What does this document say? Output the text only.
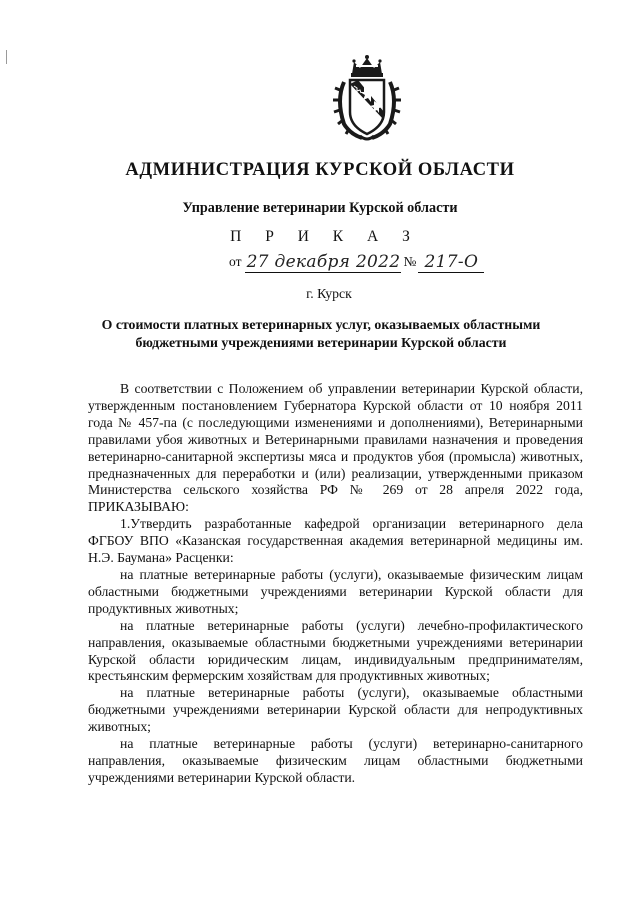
АДМИНИСТРАЦИЯ КУРСКОЙ ОБЛАСТИ
Управление ветеринарии Курской области
П Р И К А З
от 27 декабря 2022 № 217-О
г. Курск
О стоимости платных ветеринарных услуг, оказываемых областными бюджетными учреждениями ветеринарии Курской области

В соответствии с Положением об управлении ветеринарии Курской области, утвержденным постановлением Губернатора Курской области от 10 ноября 2011 года № 457-па (с последующими изменениями и дополнениями), Ветеринарными правилами убоя животных и Ветеринарными правилами назначения и проведения ветеринарно-санитарной экспертизы мяса и продуктов убоя (промысла) животных, предназначенных для переработки и (или) реализации, утвержденными приказом Министерства сельского хозяйства РФ № 269 от 28 апреля 2022 года, ПРИКАЗЫВАЮ:

1.Утвердить разработанные кафедрой организации ветеринарного дела ФГБОУ ВПО «Казанская государственная академия ветеринарной медицины им. Н.Э. Баумана» Расценки:

на платные ветеринарные работы (услуги), оказываемые физическим лицам областными бюджетными учреждениями ветеринарии Курской области для продуктивных животных;

на платные ветеринарные работы (услуги) лечебно-профилактического направления, оказываемые областными бюджетными учреждениями ветеринарии Курской области юридическим лицам, индивидуальным предпринимателям, крестьянским фермерским хозяйствам для продуктивных животных;

на платные ветеринарные работы (услуги), оказываемые областными бюджетными учреждениями ветеринарии Курской области для непродуктивных животных;

на платные ветеринарные работы (услуги) ветеринарно-санитарного направления, оказываемые физическим лицам областными бюджетными учреждениями ветеринарии Курской области.
